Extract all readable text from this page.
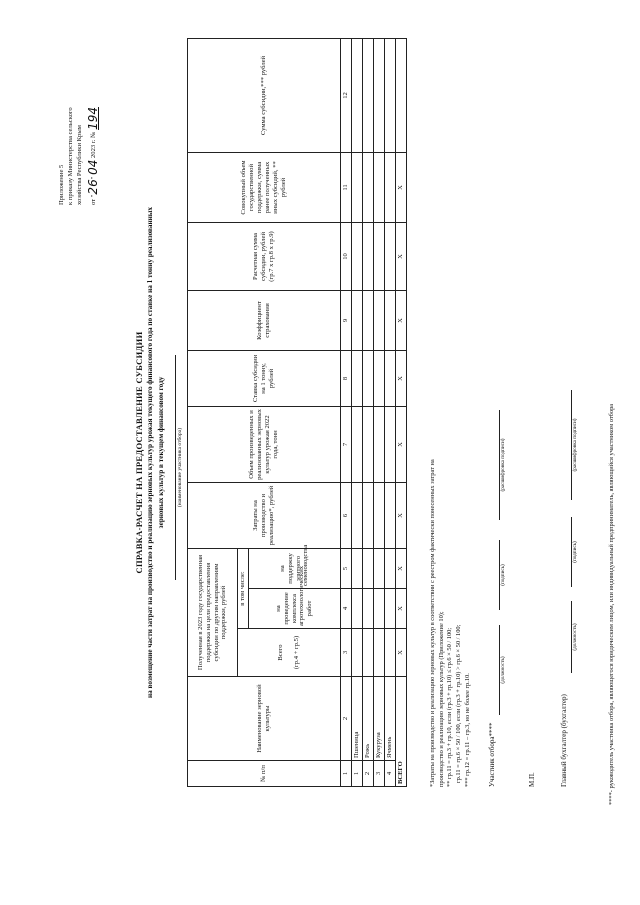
Приложение 5 к приказу Министерства сельского хозяйства Республики Крым	от "26" 04 2023 г. № 194
СПРАВКА-РАСЧЕТ НА ПРЕДОСТАВЛЕНИЕ СУБСИДИИ на возмещение части затрат на производство и реализацию зерновых культур урожая текущего финансового года по ставке на 1 тонну реализованных зерновых культур в текущем финансовом году (наименование участника отбора)
№ п/п	Наименование зерновой культуры	Полученная в 2023 году государственная поддержка на цели предоставления субсидии по другим направлениям поддержки, рублей			Затраты на производство и реализацию*, рублей	Объем произведенных и реализованных зерновых культур урожая 2022 года, тонн	Ставка субсидии на 1 тонну, рублей	Коэффициент страхования	Расчетная сумма субсидии, рублей (гр.7 х гр.8 х гр.9)	Совокупный объем государственной поддержки, сумма ранее полученных иных субсидий, ** рублей	Сумма субсидии,*** рублей

		Всего (гр.4 + гр.5)	в том числе:								
			на проведение комплекса агротехнологических работ	на поддержку элитного семеноводства							
1	2	3	4	5	6	7	8	9	10	11	12
1	Пшеница										
2	Рожь										
3	Кукуруза										
4	Ячмень										
ВСЕГО		Х	Х	Х	Х	Х	Х	Х	Х	Х	
*Затраты на производство и реализацию зерновых культур в соответствии с реестром фактически понесенных затрат на производство и реализацию зерновых культур (Приложение 10); ** гр.11 = гр.3 + гр.10, если (гр.3 + гр.10) ≤ гр.6 × 50 / 100; гр.11 = гр.6 × 50 / 100, если (гр.3 + гр.10) > гр.6 × 50 / 100; *** гр.12 = гр.11 – гр.3, но не более гр.10. Участник отбора****
(должность)
(подпись)
(расшифровка подписи)
М.П.	Главный бухгалтер (бухгалтер)
(должность)
(подпись)
(расшифровка подписи)	****- руководитель участника отбора, являющегося юридическим лицом, или индивидуальный предприниматель, являющийся участником отбора
